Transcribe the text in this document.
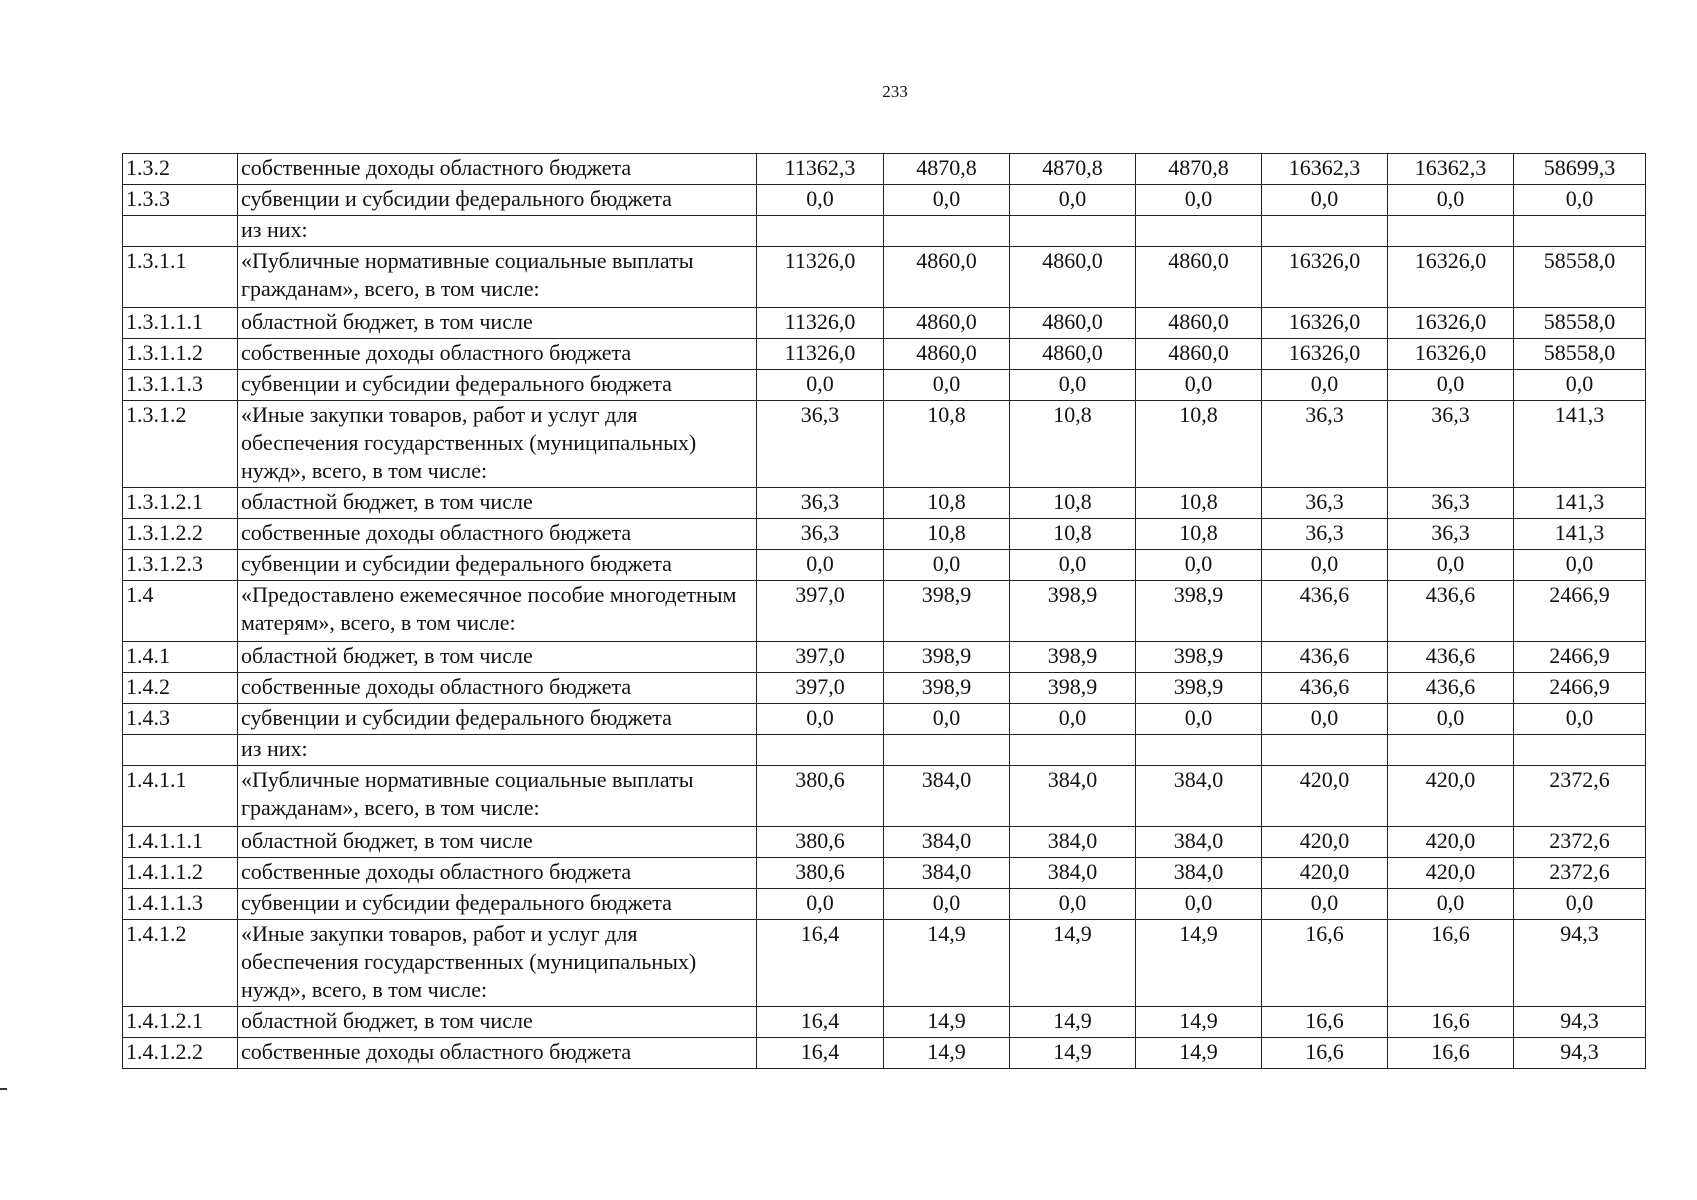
233
1.3.2	собственные доходы областного бюджета	11362,3	4870,8	4870,8	4870,8	16362,3	16362,3	58699,3
1.3.3	субвенции и субсидии федерального бюджета	0,0	0,0	0,0	0,0	0,0	0,0	0,0
	из них:							
1.3.1.1	«Публичные нормативные социальные выплаты гражданам», всего, в том числе:	11326,0	4860,0	4860,0	4860,0	16326,0	16326,0	58558,0
1.3.1.1.1	областной бюджет, в том числе	11326,0	4860,0	4860,0	4860,0	16326,0	16326,0	58558,0
1.3.1.1.2	собственные доходы областного бюджета	11326,0	4860,0	4860,0	4860,0	16326,0	16326,0	58558,0
1.3.1.1.3	субвенции и субсидии федерального бюджета	0,0	0,0	0,0	0,0	0,0	0,0	0,0
1.3.1.2	«Иные закупки товаров, работ и услуг для обеспечения государственных (муниципальных) нужд», всего, в том числе:	36,3	10,8	10,8	10,8	36,3	36,3	141,3
1.3.1.2.1	областной бюджет, в том числе	36,3	10,8	10,8	10,8	36,3	36,3	141,3
1.3.1.2.2	собственные доходы областного бюджета	36,3	10,8	10,8	10,8	36,3	36,3	141,3
1.3.1.2.3	субвенции и субсидии федерального бюджета	0,0	0,0	0,0	0,0	0,0	0,0	0,0
1.4	«Предоставлено ежемесячное пособие многодетным матерям», всего, в том числе:	397,0	398,9	398,9	398,9	436,6	436,6	2466,9
1.4.1	областной бюджет, в том числе	397,0	398,9	398,9	398,9	436,6	436,6	2466,9
1.4.2	собственные доходы областного бюджета	397,0	398,9	398,9	398,9	436,6	436,6	2466,9
1.4.3	субвенции и субсидии федерального бюджета	0,0	0,0	0,0	0,0	0,0	0,0	0,0
	из них:							
1.4.1.1	«Публичные нормативные социальные выплаты гражданам», всего, в том числе:	380,6	384,0	384,0	384,0	420,0	420,0	2372,6
1.4.1.1.1	областной бюджет, в том числе	380,6	384,0	384,0	384,0	420,0	420,0	2372,6
1.4.1.1.2	собственные доходы областного бюджета	380,6	384,0	384,0	384,0	420,0	420,0	2372,6
1.4.1.1.3	субвенции и субсидии федерального бюджета	0,0	0,0	0,0	0,0	0,0	0,0	0,0
1.4.1.2	«Иные закупки товаров, работ и услуг для обеспечения государственных (муниципальных) нужд», всего, в том числе:	16,4	14,9	14,9	14,9	16,6	16,6	94,3
1.4.1.2.1	областной бюджет, в том числе	16,4	14,9	14,9	14,9	16,6	16,6	94,3
1.4.1.2.2	собственные доходы областного бюджета	16,4	14,9	14,9	14,9	16,6	16,6	94,3
